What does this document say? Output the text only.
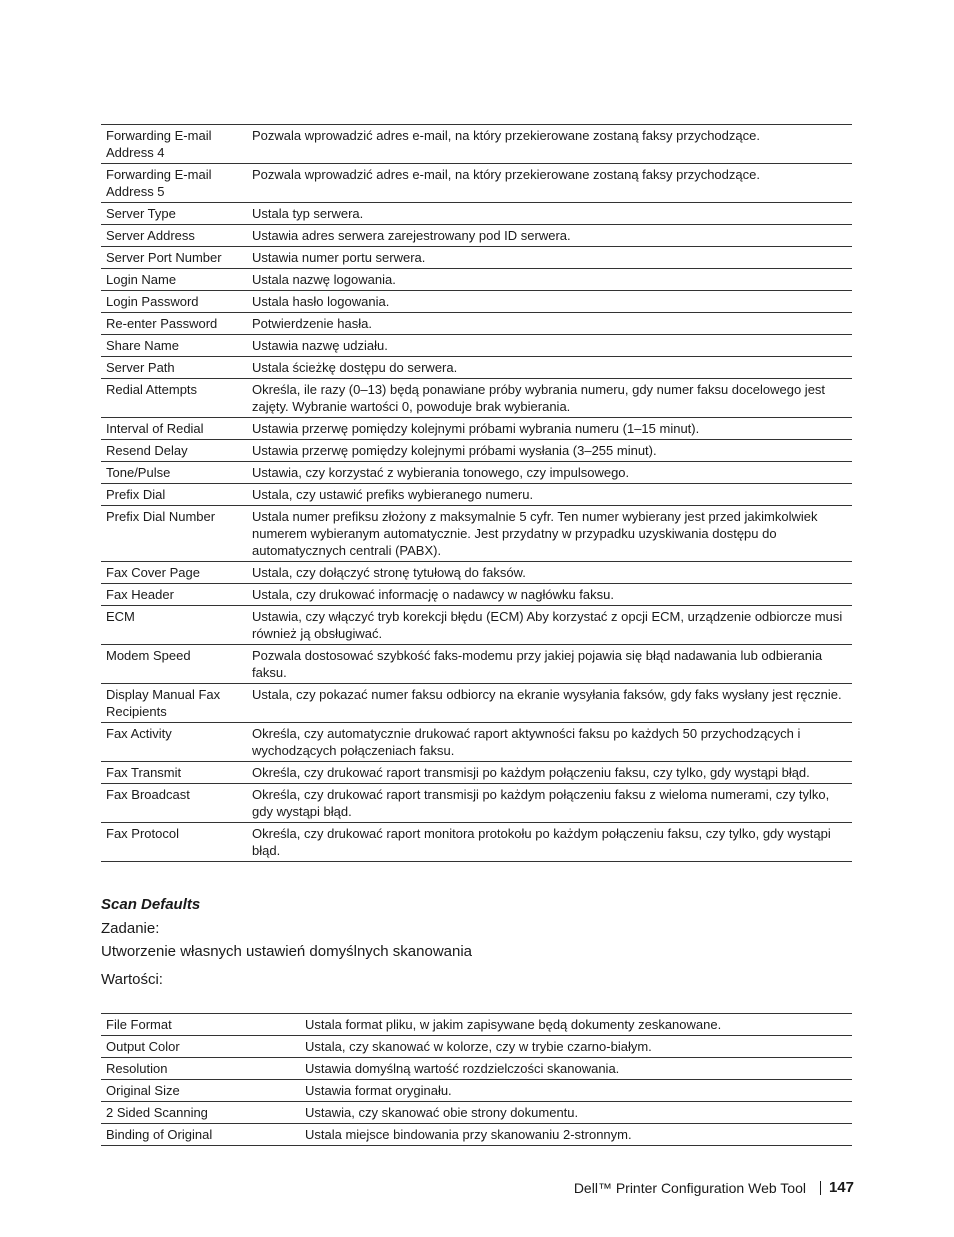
Forwarding E-mail Address 4	Pozwala wprowadzić adres e-mail, na który przekierowane zostaną faksy przychodzące.
Forwarding E-mail Address 5	Pozwala wprowadzić adres e-mail, na który przekierowane zostaną faksy przychodzące.
Server Type	Ustala typ serwera.
Server Address	Ustawia adres serwera zarejestrowany pod ID serwera.
Server Port Number	Ustawia numer portu serwera.
Login Name	Ustala nazwę logowania.
Login Password	Ustala hasło logowania.
Re-enter Password	Potwierdzenie hasła.
Share Name	Ustawia nazwę udziału.
Server Path	Ustala ścieżkę dostępu do serwera.
Redial Attempts	Określa, ile razy (0–13) będą ponawiane próby wybrania numeru, gdy numer faksu docelowego jest zajęty. Wybranie wartości 0, powoduje brak wybierania.
Interval of Redial	Ustawia przerwę pomiędzy kolejnymi próbami wybrania numeru (1–15 minut).
Resend Delay	Ustawia przerwę pomiędzy kolejnymi próbami wysłania (3–255 minut).
Tone/Pulse	Ustawia, czy korzystać z wybierania tonowego, czy impulsowego.
Prefix Dial	Ustala, czy ustawić prefiks wybieranego numeru.
Prefix Dial Number	Ustala numer prefiksu złożony z maksymalnie 5 cyfr. Ten numer wybierany jest przed jakimkolwiek numerem wybieranym automatycznie. Jest przydatny w przypadku uzyskiwania dostępu do automatycznych centrali (PABX).
Fax Cover Page	Ustala, czy dołączyć stronę tytułową do faksów.
Fax Header	Ustala, czy drukować informację o nadawcy w nagłówku faksu.
ECM	Ustawia, czy włączyć tryb korekcji błędu (ECM) Aby korzystać z opcji ECM, urządzenie odbiorcze musi również ją obsługiwać.
Modem Speed	Pozwala dostosować szybkość faks-modemu przy jakiej pojawia się błąd nadawania lub odbierania faksu.
Display Manual Fax Recipients	Ustala, czy pokazać numer faksu odbiorcy na ekranie wysyłania faksów, gdy faks wysłany jest ręcznie.
Fax Activity	Określa, czy automatycznie drukować raport aktywności faksu po każdych 50 przychodzących i wychodzących połączeniach faksu.
Fax Transmit	Określa, czy drukować raport transmisji po każdym połączeniu faksu, czy tylko, gdy wystąpi błąd.
Fax Broadcast	Określa, czy drukować raport transmisji po każdym połączeniu faksu z wieloma numerami, czy tylko, gdy wystąpi błąd.
Fax Protocol	Określa, czy drukować raport monitora protokołu po każdym połączeniu faksu, czy tylko, gdy wystąpi błąd.
Scan Defaults
Zadanie:
Utworzenie własnych ustawień domyślnych skanowania
Wartości:
File Format	Ustala format pliku, w jakim zapisywane będą dokumenty zeskanowane.
Output Color	Ustala, czy skanować w kolorze, czy w trybie czarno-białym.
Resolution	Ustawia domyślną wartość rozdzielczości skanowania.
Original Size	Ustawia format oryginału.
2 Sided Scanning	Ustawia, czy skanować obie strony dokumentu.
Binding of Original	Ustala miejsce bindowania przy skanowaniu 2-stronnym.
Dell™ Printer Configuration Web Tool 147
